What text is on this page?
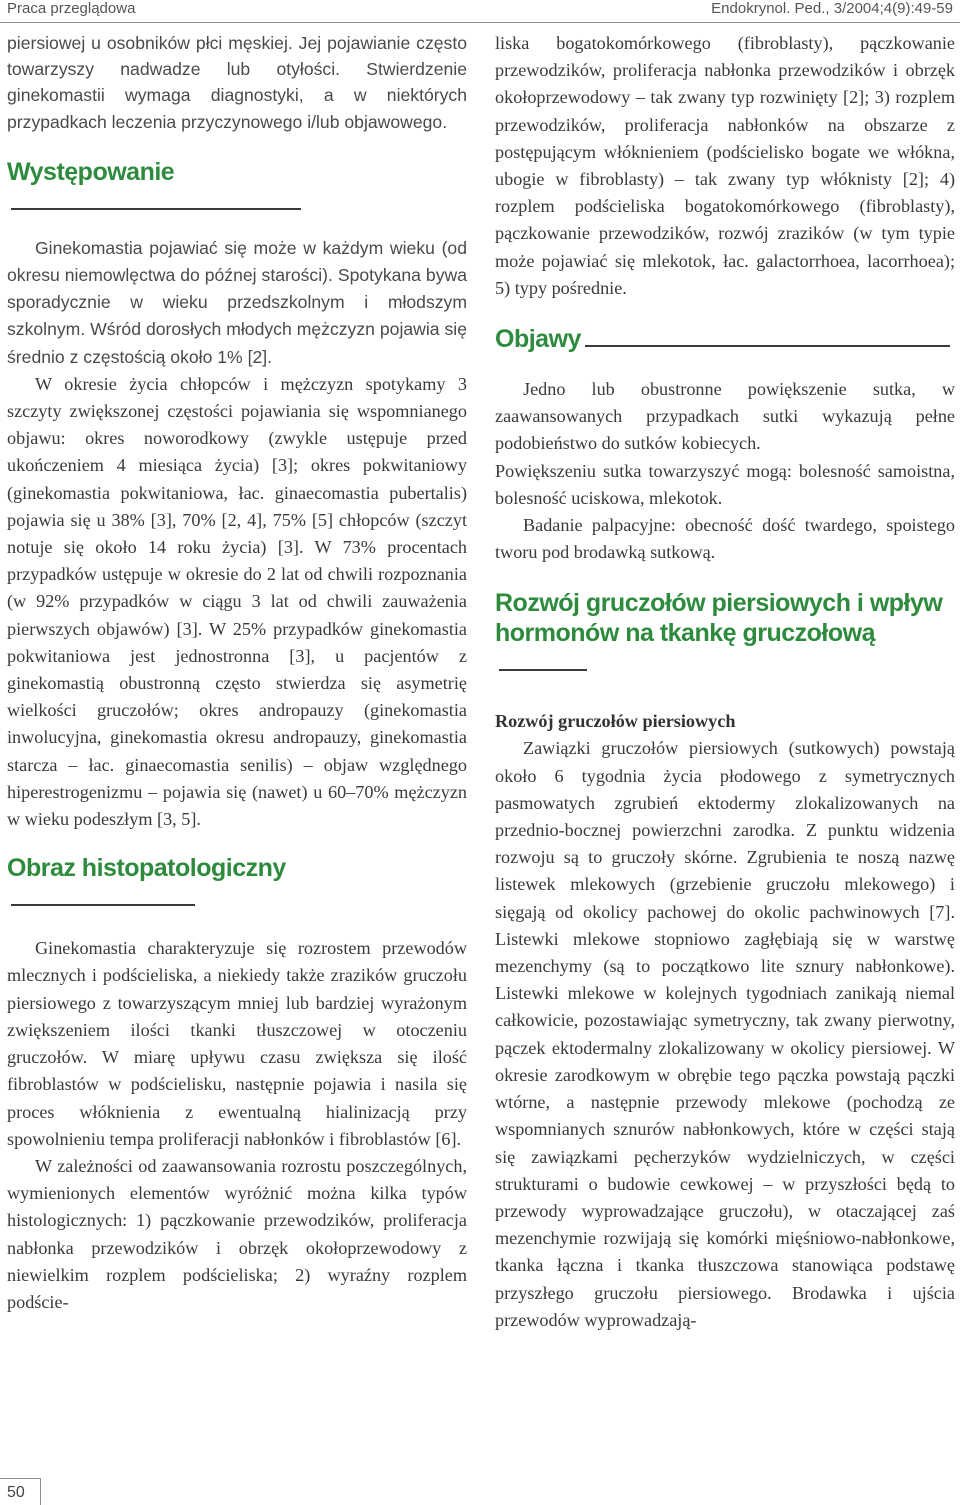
Praca przeglądowa	Endokrynol. Ped., 3/2004;4(9):49-59

piersiowej u osobników płci męskiej. Jej pojawianie często towarzyszy nadwadze lub otyłości. Stwierdzenie ginekomastii wymaga diagnostyki, a w niektórych przypadkach leczenia przyczynowego i/lub objawowego.

Występowanie

Ginekomastia pojawiać się może w każdym wieku (od okresu niemowlęctwa do późnej starości). Spotykana bywa sporadycznie w wieku przedszkolnym i młodszym szkolnym. Wśród dorosłych młodych mężczyzn pojawia się średnio z częstością około 1% [2].

W okresie życia chłopców i mężczyzn spotykamy 3 szczyty zwiększonej częstości pojawiania się wspomnianego objawu: okres noworodkowy (zwykle ustępuje przed ukończeniem 4 miesiąca życia) [3]; okres pokwitaniowy (ginekomastia pokwitaniowa, łac. ginaecomastia pubertalis) pojawia się u 38% [3], 70% [2, 4], 75% [5] chłopców (szczyt notuje się około 14 roku życia) [3]. W 73% procentach przypadków ustępuje w okresie do 2 lat od chwili rozpoznania (w 92% przypadków w ciągu 3 lat od chwili zauważenia pierwszych objawów) [3]. W 25% przypadków ginekomastia pokwitaniowa jest jednostronna [3], u pacjentów z ginekomastią obustronną często stwierdza się asymetrię wielkości gruczołów; okres andropauzy (ginekomastia inwolucyjna, ginekomastia okresu andropauzy, ginekomastia starcza – łac. ginaecomastia senilis) – objaw względnego hiperestrogenizmu – pojawia się (nawet) u 60–70% mężczyzn w wieku podeszłym [3, 5].

Obraz histopatologiczny

Ginekomastia charakteryzuje się rozrostem przewodów mlecznych i podścieliska, a niekiedy także zrazików gruczołu piersiowego z towarzyszącym mniej lub bardziej wyrażonym zwiększeniem ilości tkanki tłuszczowej w otoczeniu gruczołów. W miarę upływu czasu zwiększa się ilość fibroblastów w podścielisku, następnie pojawia i nasila się proces włóknienia z ewentualną hialinizacją przy spowolnieniu tempa proliferacji nabłonków i fibroblastów [6].

W zależności od zaawansowania rozrostu poszczególnych, wymienionych elementów wyróżnić można kilka typów histologicznych: 1) pączkowanie przewodzików, proliferacja nabłonka przewodzików i obrzęk okołoprzewodowy z niewielkim rozplem podścieliska; 2) wyraźny rozplem podście-

liska bogatokomórkowego (fibroblasty), pączkowanie przewodzików, proliferacja nabłonka przewodzików i obrzęk okołoprzewodowy – tak zwany typ rozwinięty [2]; 3) rozplem przewodzików, proliferacja nabłonków na obszarze z postępującym włóknieniem (podścielisko bogate we włókna, ubogie w fibroblasty) – tak zwany typ włóknisty [2]; 4) rozplem podścieliska bogatokomórkowego (fibroblasty), pączkowanie przewodzików, rozwój zrazików (w tym typie może pojawiać się mlekotok, łac. galactorrhoea, lacorrhoea); 5) typy pośrednie.

Objawy

Jedno lub obustronne powiększenie sutka, w zaawansowanych przypadkach sutki wykazują pełne podobieństwo do sutków kobiecych.

Powiększeniu sutka towarzyszyć mogą: bolesność samoistna, bolesność uciskowa, mlekotok.

Badanie palpacyjne: obecność dość twardego, spoistego tworu pod brodawką sutkową.

Rozwój gruczołów piersiowych i wpływ
hormonów na tkankę gruczołową
Rozwój gruczołów piersiowych

Zawiązki gruczołów piersiowych (sutkowych) powstają około 6 tygodnia życia płodowego z symetrycznych pasmowatych zgrubień ektodermy zlokalizowanych na przednio-bocznej powierzchni zarodka. Z punktu widzenia rozwoju są to gruczoły skórne. Zgrubienia te noszą nazwę listewek mlekowych (grzebienie gruczołu mlekowego) i sięgają od okolicy pachowej do okolic pachwinowych [7]. Listewki mlekowe stopniowo zagłębiają się w warstwę mezenchymy (są to początkowo lite sznury nabłonkowe). Listewki mlekowe w kolejnych tygodniach zanikają niemal całkowicie, pozostawiając symetryczny, tak zwany pierwotny, pączek ektodermalny zlokalizowany w okolicy piersiowej. W okresie zarodkowym w obrębie tego pączka powstają pączki wtórne, a następnie przewody mlekowe (pochodzą ze wspomnianych sznurów nabłonkowych, które w części stają się zawiązkami pęcherzyków wydzielniczych, w części strukturami o budowie cewkowej – w przyszłości będą to przewody wyprowadzające gruczołu), w otaczającej zaś mezenchymie rozwijają się komórki mięśniowo-nabłonkowe, tkanka łączna i tkanka tłuszczowa stanowiąca podstawę przyszłego gruczołu piersiowego. Brodawka i ujścia przewodów wyprowadzają-

50
